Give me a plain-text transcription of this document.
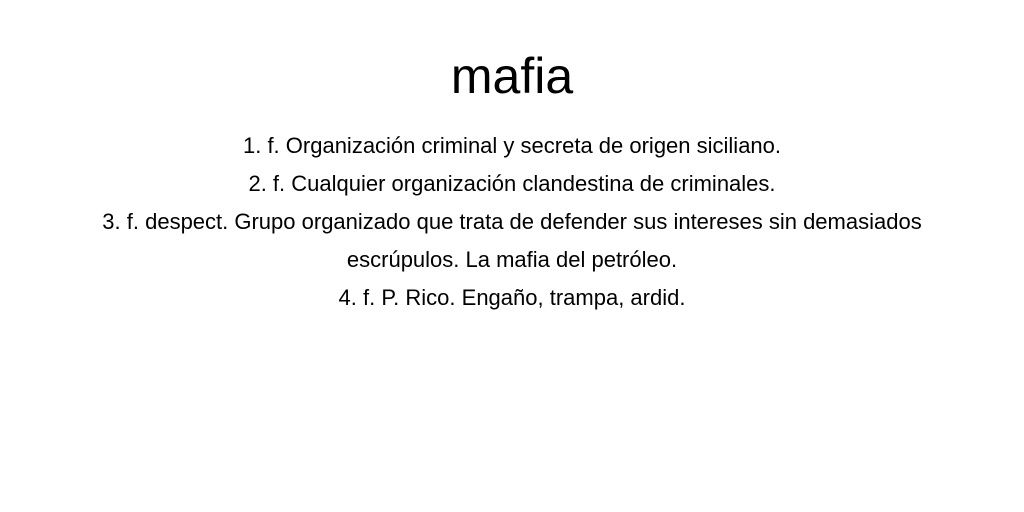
mafia
1. f. Organización criminal y secreta de origen siciliano.
2. f. Cualquier organización clandestina de criminales.
3. f. despect. Grupo organizado que trata de defender sus intereses sin demasiados escrúpulos. La mafia del petróleo.
4. f. P. Rico. Engaño, trampa, ardid.
